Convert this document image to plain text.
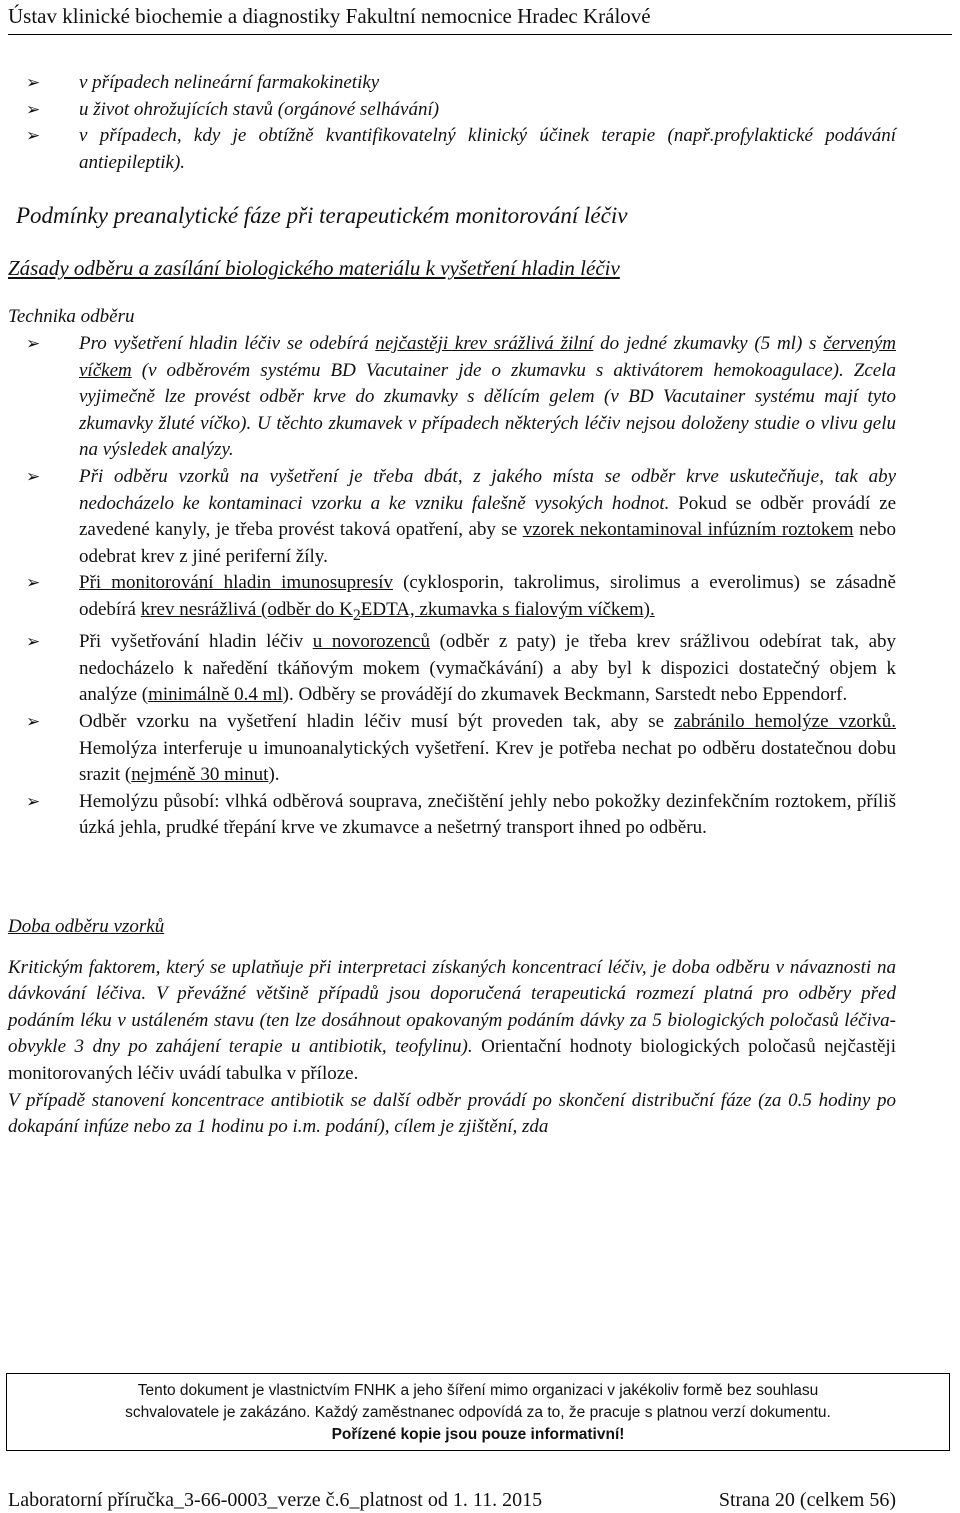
Ústav klinické biochemie a diagnostiky Fakultní nemocnice Hradec Králové
➢ v případech nelineární farmakokinetiky
➢ u život ohrožujících stavů (orgánové selhávání)
➢ v případech, kdy je obtížně kvantifikovatelný klinický účinek terapie (např.profylaktické podávání antiepileptik).
Podmínky preanalytické fáze při terapeutickém monitorování léčiv
Zásady odběru a zasílání biologického materiálu k vyšetření hladin léčiv
Technika odběru
➢ Pro vyšetření hladin léčiv se odebírá nejčastěji krev srážlivá žilní do jedné zkumavky (5 ml) s červeným víčkem (v odběrovém systému BD Vacutainer jde o zkumavku s aktivátorem hemokoagulace). Zcela vyjimečně lze provést odběr krve do zkumavky s dělícím gelem (v BD Vacutainer systému mají tyto zkumavky žluté víčko). U těchto zkumavek v případech některých léčiv nejsou doloženy studie o vlivu gelu na výsledek analýzy.
➢ Při odběru vzorků na vyšetření je třeba dbát, z jakého místa se odběr krve uskutečňuje, tak aby nedocházelo ke kontaminaci vzorku a ke vzniku falešně vysokých hodnot. Pokud se odběr provádí ze zavedené kanyly, je třeba provést taková opatření, aby se vzorek nekontaminoval infúzním roztokem nebo odebrat krev z jiné periferní žíly.
➢ Při monitorování hladin imunosupresív (cyklosporin, takrolimus, sirolimus a everolimus) se zásadně odebírá krev nesrážlivá (odběr do $K_2EDTA$, zkumavka s fialovým víčkem).
➢ Při vyšetřování hladin léčiv u novorozenců (odběr z paty) je třeba krev srážlivou odebírat tak, aby nedocházelo k naředění tkáňovým mokem (vymačkávání) a aby byl k dispozici dostatečný objem k analýze (minimálně 0.4 ml). Odběry se provádějí do zkumavek Beckmann, Sarstedt nebo Eppendorf.
➢ Odběr vzorku na vyšetření hladin léčiv musí být proveden tak, aby se zabránilo hemolýze vzorků. Hemolýza interferuje u imunoanalytických vyšetření. Krev je potřeba nechat po odběru dostatečnou dobu srazit (nejméně 30 minut).
➢ Hemolýzu působí: vlhká odběrová souprava, znečištění jehly nebo pokožky dezinfekčním roztokem, příliš úzká jehla, prudké třepání krve ve zkumavce a nešetrný transport ihned po odběru.
Doba odběru vzorků
Kritickým faktorem, který se uplatňuje při interpretaci získaných koncentrací léčiv, je doba odběru v návaznosti na dávkování léčiva. V převážné většině případů jsou doporučená terapeutická rozmezí platná pro odběry před podáním léku v ustáleném stavu (ten lze dosáhnout opakovaným podáním dávky za 5 biologických poločasů léčiva- obvykle 3 dny po zahájení terapie u antibiotik, teofylinu). Orientační hodnoty biologických poločasů nejčastěji monitorovaných léčiv uvádí tabulka v příloze.
V případě stanovení koncentrace antibiotik se další odběr provádí po skončení distribuční fáze (za 0.5 hodiny po dokapání infúze nebo za 1 hodinu po i.m. podání), cílem je zjištění, zda
Tento dokument je vlastnictvím FNHK a jeho šíření mimo organizaci v jakékoliv formě bez souhlasu
schvalovatele je zakázáno. Každý zaměstnanec odpovídá za to, že pracuje s platnou verzí dokumentu.
Pořízené kopie jsou pouze informativní!
Laboratorní příručka_3-66-0003_verze č.6_platnost od 1. 11. 2015	Strana 20 (celkem 56)
